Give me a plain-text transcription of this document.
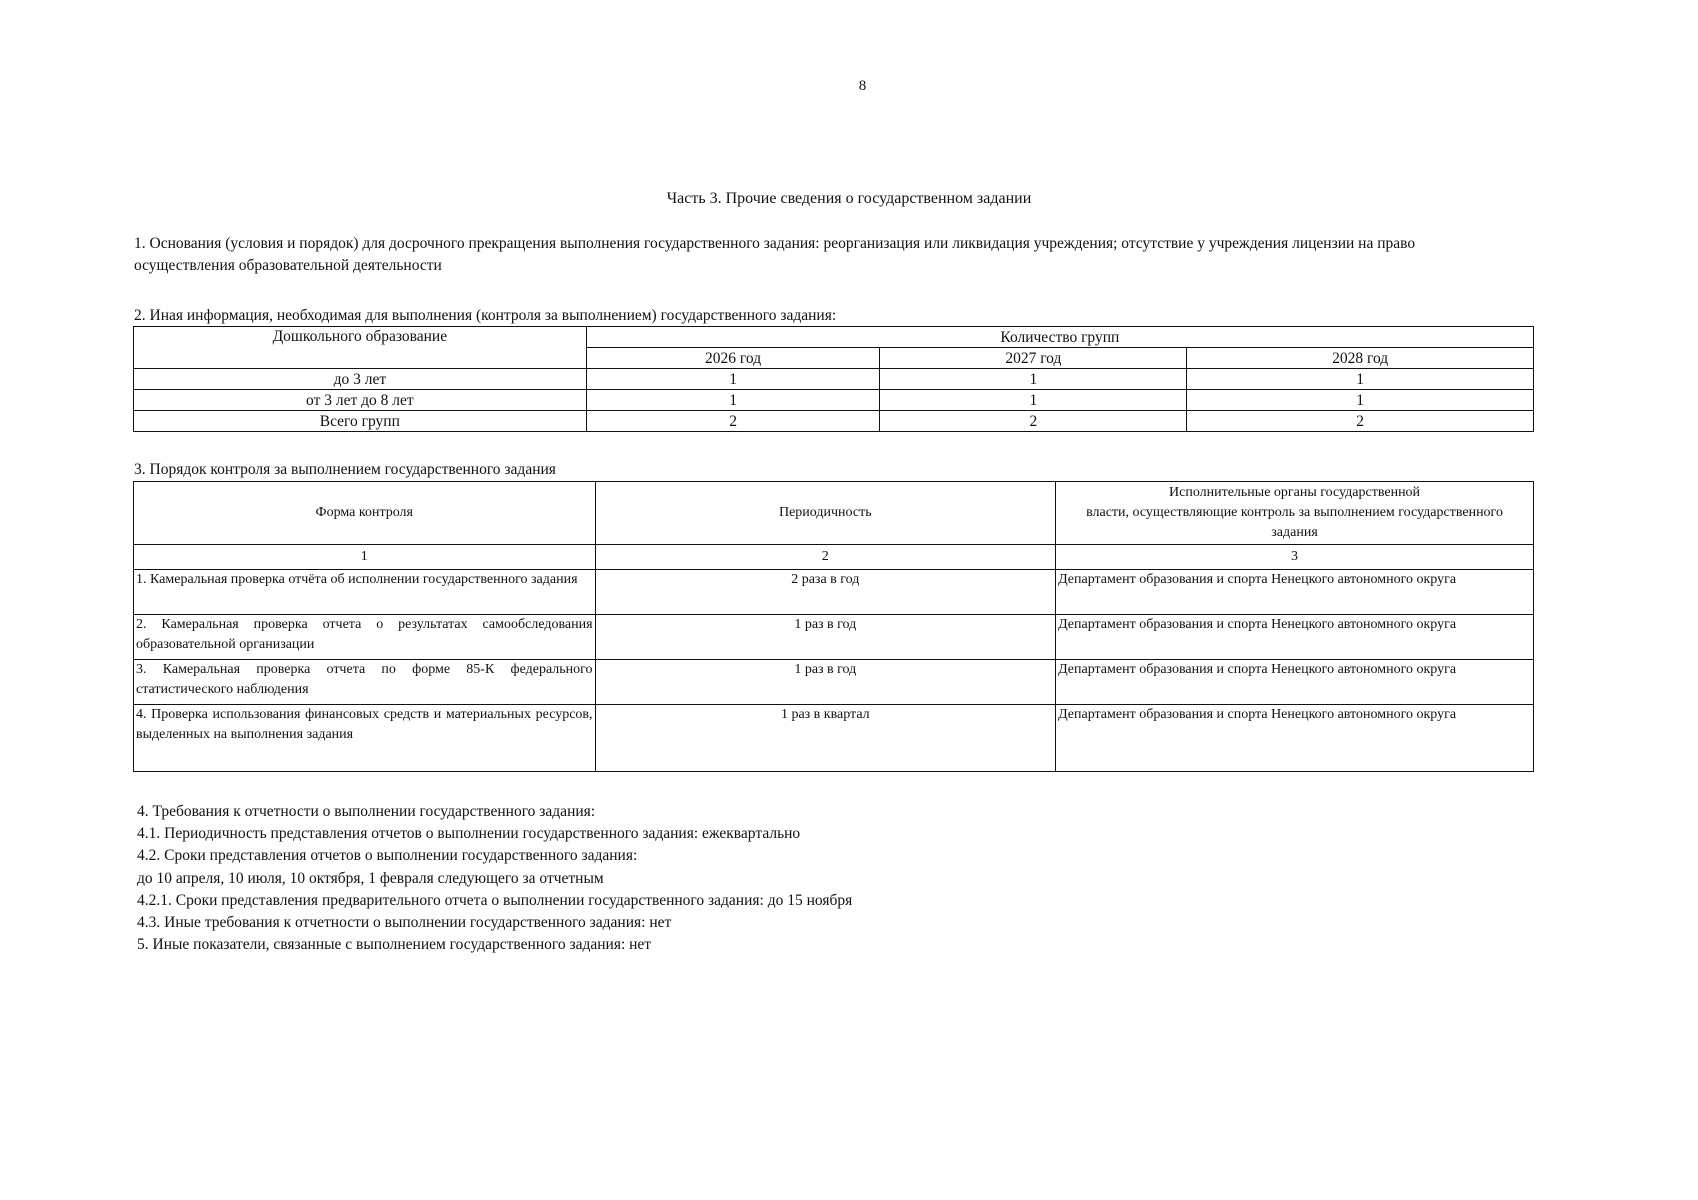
8
Часть 3. Прочие сведения о государственном задании
1. Основания (условия и порядок) для досрочного прекращения выполнения государственного задания: реорганизация или ликвидация учреждения; отсутствие у учреждения лицензии на право осуществления образовательной деятельности
2. Иная информация, необходимая для выполнения (контроля за выполнением) государственного задания:
Дошкольного образование	Количество групп		
	2026 год	2027 год	2028 год
до 3 лет	1	1	1
от 3 лет до 8 лет	1	1	1
Всего групп	2	2	2
3. Порядок контроля за выполнением государственного задания
Форма контроля	Периодичность	Исполнительные органы государственной
власти, осуществляющие контроль за выполнением государственного
задания

1	2	3
1. Камеральная проверка отчёта об исполнении государственного задания	2 раза в год	Департамент образования и спорта Ненецкого автономного округа
2. Камеральная проверка отчета о результатах самообследования образовательной организации	1 раз в год	Департамент образования и спорта Ненецкого автономного округа
3. Камеральная проверка отчета по форме 85-К федерального статистического наблюдения	1 раз в год	Департамент образования и спорта Ненецкого автономного округа
4. Проверка использования финансовых средств и материальных ресурсов, выделенных на выполнения задания	1 раз в квартал	Департамент образования и спорта Ненецкого автономного округа
4. Требования к отчетности о выполнении государственного задания:
4.1. Периодичность представления отчетов о выполнении государственного задания: ежеквартально
4.2. Сроки представления отчетов о выполнении государственного задания:
до 10 апреля, 10 июля, 10 октября, 1 февраля следующего за отчетным
4.2.1. Сроки представления предварительного отчета о выполнении государственного задания: до 15 ноября
4.3. Иные требования к отчетности о выполнении государственного задания: нет
5. Иные показатели, связанные с выполнением государственного задания: нет
